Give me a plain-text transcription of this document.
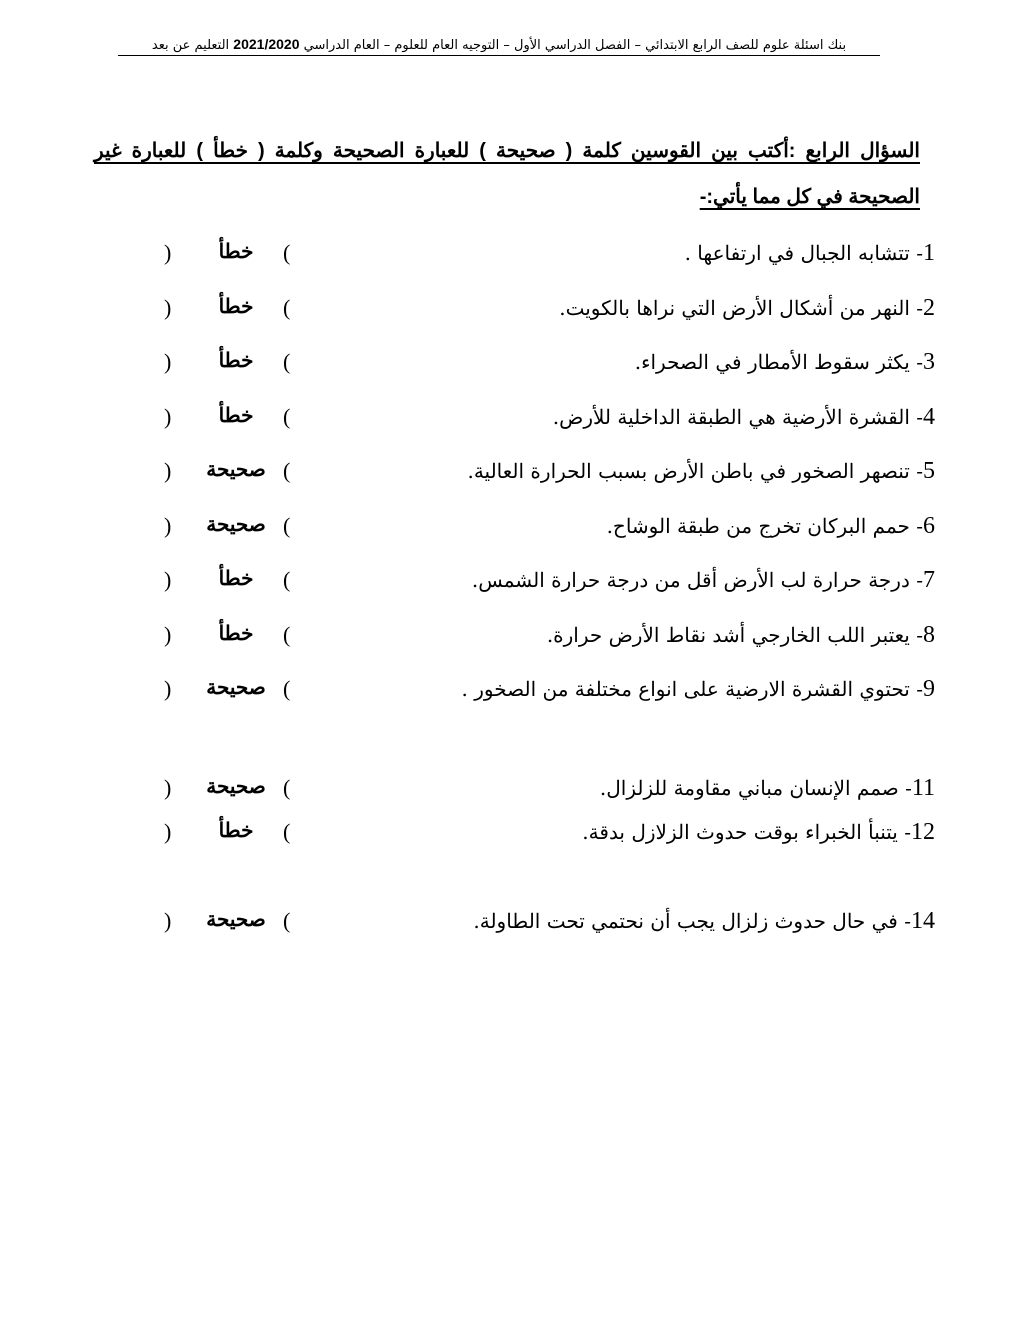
بنك اسئلة علوم للصف الرابع الابتدائي – الفصل الدراسي الأول – التوجيه العام للعلوم – العام الدراسي 2021/2020 التعليم عن بعد
السؤال الرابع :أكتب بين القوسين كلمة ( صحيحة ) للعبارة الصحيحة وكلمة ( خطأ ) للعبارة غير الصحيحة في كل مما يأتي:-
1- تتشابه الجبال في ارتفاعها .
(
خطأ
)
2- النهر من أشكال الأرض التي نراها بالكويت.
(
خطأ
)
3- يكثر سقوط الأمطار في الصحراء.
(
خطأ
)
4- القشرة الأرضية هي الطبقة الداخلية للأرض.
(
خطأ
)
5- تنصهر الصخور في باطن الأرض بسبب الحرارة العالية.
(
صحيحة
)
6- حمم البركان تخرج من طبقة الوشاح.
(
صحيحة
)
7- درجة حرارة لب الأرض أقل من درجة حرارة الشمس.
(
خطأ
)
8- يعتبر اللب الخارجي أشد نقاط الأرض حرارة.
(
خطأ
)
9- تحتوي القشرة الارضية على انواع مختلفة من الصخور .
(
صحيحة
)
11- صمم الإنسان مباني مقاومة للزلزال.
(
صحيحة
)
12- يتنبأ الخبراء بوقت حدوث الزلازل بدقة.
(
خطأ
)
14- في حال حدوث زلزال يجب أن نحتمي تحت الطاولة.
(
صحيحة
)
